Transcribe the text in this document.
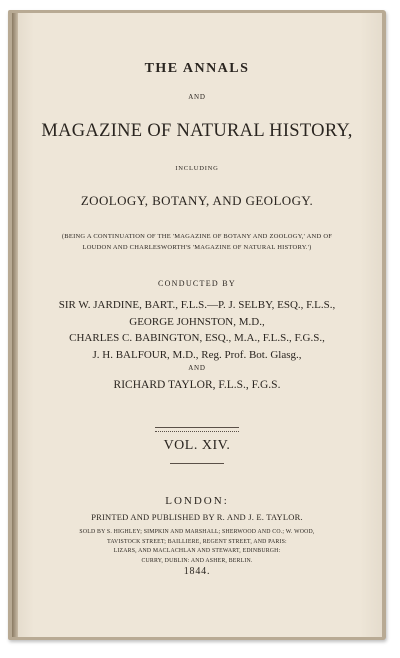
THE ANNALS
AND
MAGAZINE OF NATURAL HISTORY,
INCLUDING
ZOOLOGY, BOTANY, AND GEOLOGY.
(BEING A CONTINUATION OF THE 'MAGAZINE OF BOTANY AND ZOOLOGY,' AND OF
LOUDON AND CHARLESWORTH'S 'MAGAZINE OF NATURAL HISTORY.')
CONDUCTED BY
SIR W. JARDINE, BART., F.L.S.—P. J. SELBY, ESQ., F.L.S.,
GEORGE JOHNSTON, M.D.,
CHARLES C. BABINGTON, ESQ., M.A., F.L.S., F.G.S.,
J. H. BALFOUR, M.D., Reg. Prof. Bot. Glasg.,
AND
RICHARD TAYLOR, F.L.S., F.G.S.
VOL. XIV.
LONDON:
PRINTED AND PUBLISHED BY R. AND J. E. TAYLOR.
SOLD BY S. HIGHLEY; SIMPKIN AND MARSHALL; SHERWOOD AND CO.; W. WOOD,
TAVISTOCK STREET; BAILLIERE, REGENT STREET, AND PARIS:
LIZARS, AND MACLACHLAN AND STEWART, EDINBURGH:
CURRY, DUBLIN: AND ASHER, BERLIN.
1844.
